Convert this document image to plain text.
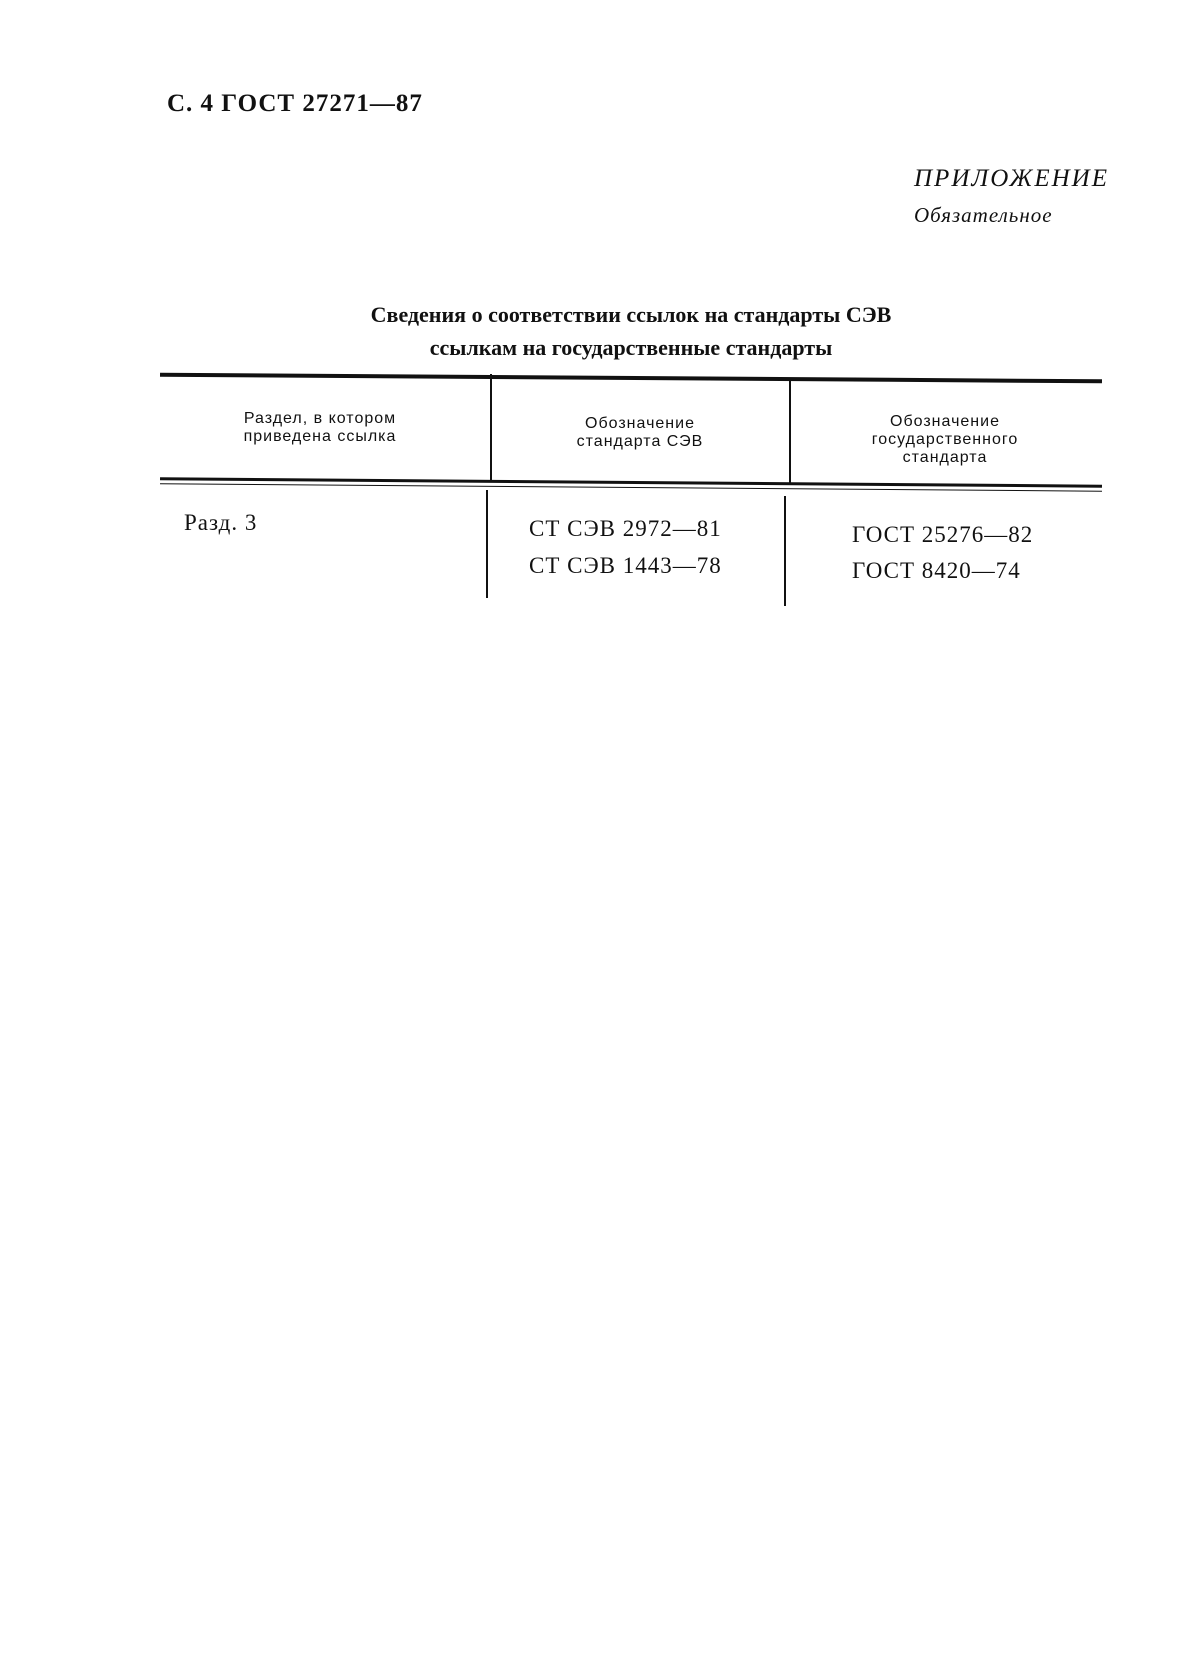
С. 4 ГОСТ 27271—87
ПРИЛОЖЕНИЕ
Обязательное
Сведения о соответствии ссылок на стандарты СЭВ
ссылкам на государственные стандарты
Раздел, в котором
приведена ссылка
Обозначение
стандарта СЭВ
Обозначение
государственного
стандарта
Разд. 3	СТ СЭВ 2972—81
СТ СЭВ 1443—78
ГОСТ 25276—82
ГОСТ 8420—74
